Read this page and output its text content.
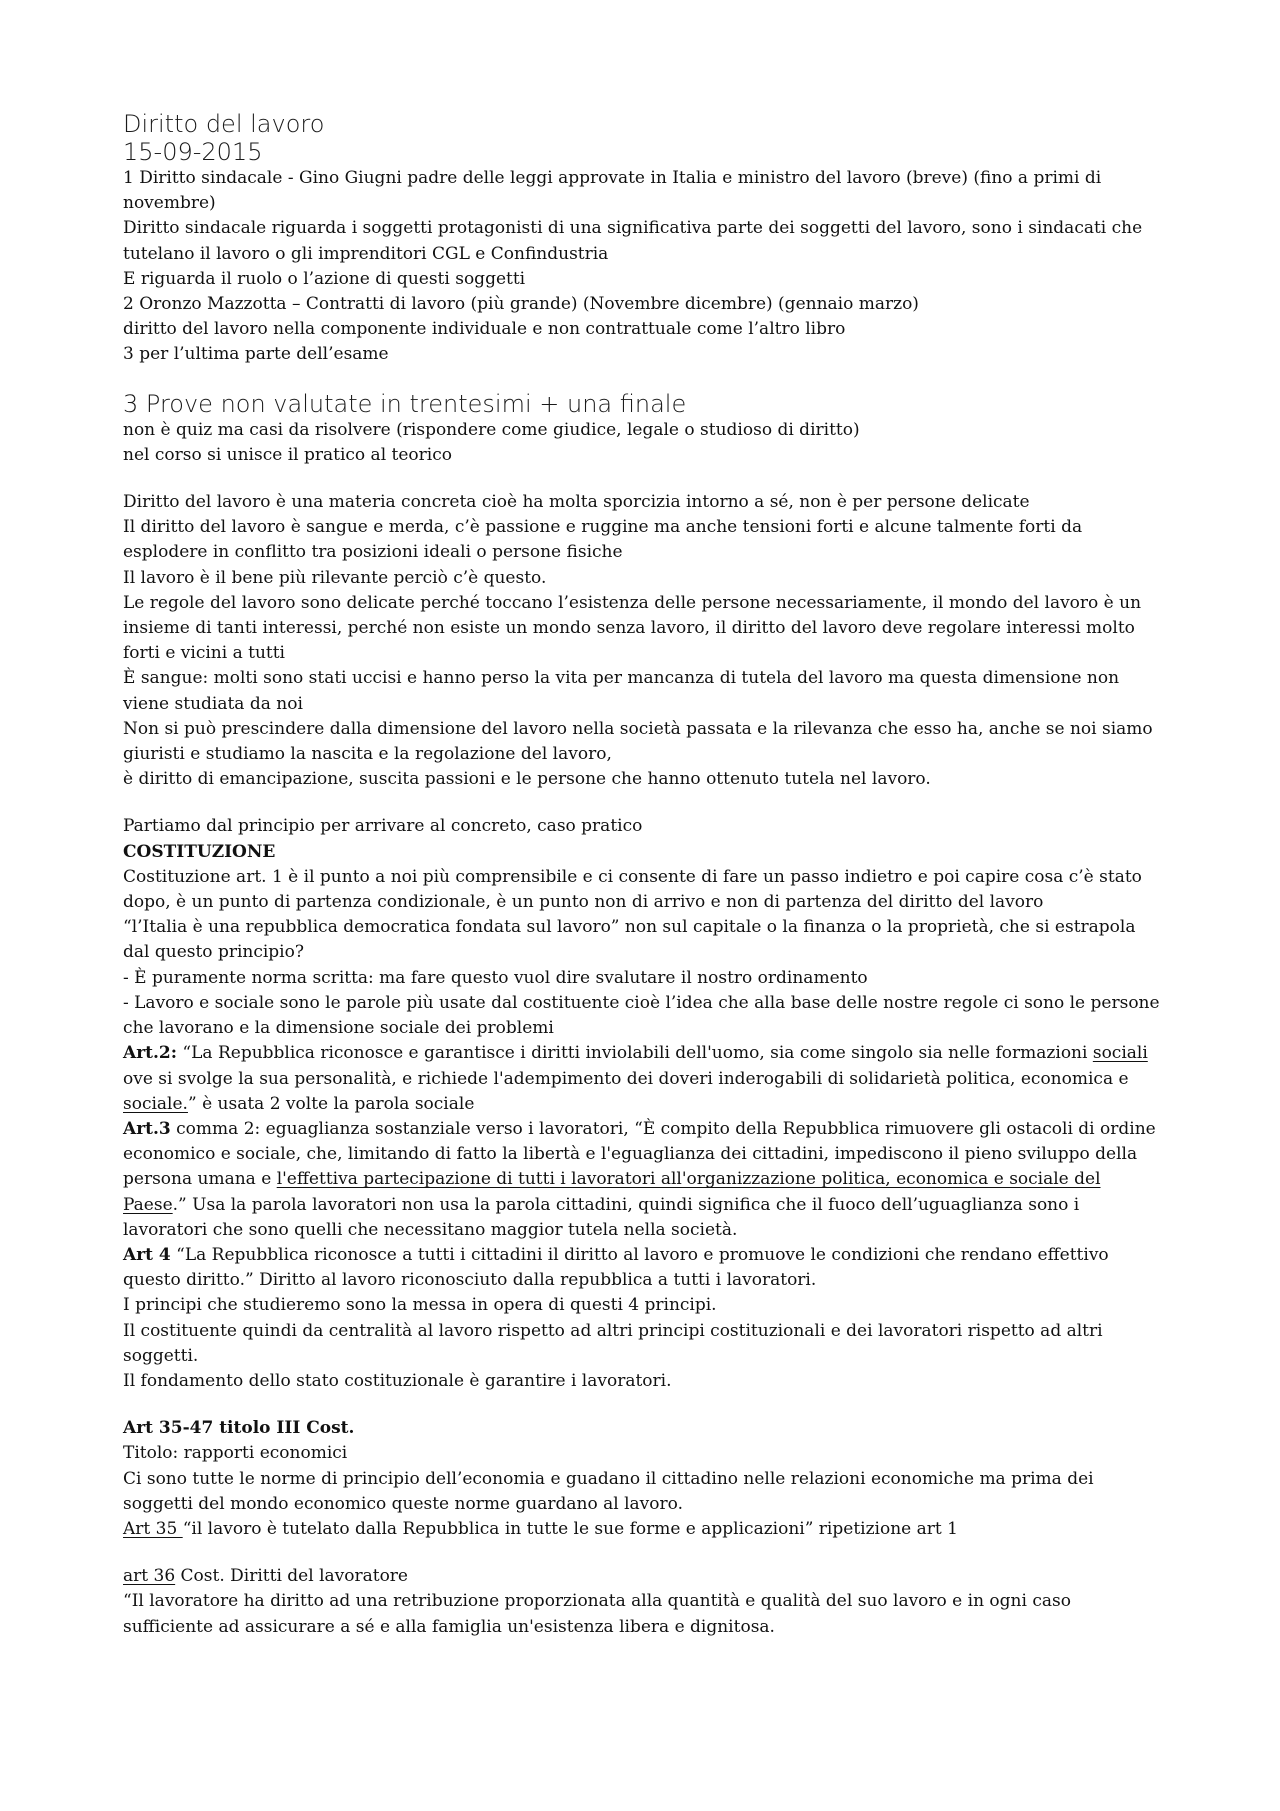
Diritto del lavoro

15-09-2015

1 Diritto sindacale - Gino Giugni padre delle leggi approvate in Italia e ministro del lavoro (breve) (fino a primi di novembre)

Diritto sindacale riguarda i soggetti protagonisti di una significativa parte dei soggetti del lavoro, sono i sindacati che tutelano il lavoro o gli imprenditori CGL e Confindustria

E riguarda il ruolo o l’azione di questi soggetti

2 Oronzo Mazzotta – Contratti di lavoro (più grande) (Novembre dicembre) (gennaio marzo)

diritto del lavoro nella componente individuale e non contrattuale come l’altro libro

3 per l’ultima parte dell’esame

3 Prove non valutate in trentesimi + una finale

non è quiz ma casi da risolvere (rispondere come giudice, legale o studioso di diritto)

nel corso si unisce il pratico al teorico

Diritto del lavoro è una materia concreta cioè ha molta sporcizia intorno a sé, non è per persone delicate

Il diritto del lavoro è sangue e merda, c’è passione e ruggine ma anche tensioni forti e alcune talmente forti da esplodere in conflitto tra posizioni ideali o persone fisiche

Il lavoro è il bene più rilevante perciò c’è questo.

Le regole del lavoro sono delicate perché toccano l’esistenza delle persone necessariamente, il mondo del lavoro è un insieme di tanti interessi, perché non esiste un mondo senza lavoro, il diritto del lavoro deve regolare interessi molto forti e vicini a tutti

È sangue: molti sono stati uccisi e hanno perso la vita per mancanza di tutela del lavoro ma questa dimensione non viene studiata da noi

Non si può prescindere dalla dimensione del lavoro nella società passata e la rilevanza che esso ha, anche se noi siamo giuristi e studiamo la nascita e la regolazione del lavoro,

è diritto di emancipazione, suscita passioni e le persone che hanno ottenuto tutela nel lavoro.

Partiamo dal principio per arrivare al concreto, caso pratico

COSTITUZIONE

Costituzione art. 1 è il punto a noi più comprensibile e ci consente di fare un passo indietro e poi capire cosa c’è stato dopo, è un punto di partenza condizionale, è un punto non di arrivo e non di partenza del diritto del lavoro

“l’Italia è una repubblica democratica fondata sul lavoro” non sul capitale o la finanza o la proprietà, che si estrapola dal questo principio?

- È puramente norma scritta: ma fare questo vuol dire svalutare il nostro ordinamento

- Lavoro e sociale sono le parole più usate dal costituente cioè l’idea che alla base delle nostre regole ci sono le persone che lavorano e la dimensione sociale dei problemi

Art.2: “La Repubblica riconosce e garantisce i diritti inviolabili dell'uomo, sia come singolo sia nelle formazioni sociali ove si svolge la sua personalità, e richiede l'adempimento dei doveri inderogabili di solidarietà politica, economica e sociale.” è usata 2 volte la parola sociale

Art.3 comma 2: eguaglianza sostanziale verso i lavoratori, “È compito della Repubblica rimuovere gli ostacoli di ordine economico e sociale, che, limitando di fatto la libertà e l'eguaglianza dei cittadini, impediscono il pieno sviluppo della persona umana e l'effettiva partecipazione di tutti i lavoratori all'organizzazione politica, economica e sociale del Paese.” Usa la parola lavoratori non usa la parola cittadini, quindi significa che il fuoco dell’uguaglianza sono i lavoratori che sono quelli che necessitano maggior tutela nella società.

Art 4 “La Repubblica riconosce a tutti i cittadini il diritto al lavoro e promuove le condizioni che rendano effettivo questo diritto.” Diritto al lavoro riconosciuto dalla repubblica a tutti i lavoratori.

I principi che studieremo sono la messa in opera di questi 4 principi.

Il costituente quindi da centralità al lavoro rispetto ad altri principi costituzionali e dei lavoratori rispetto ad altri soggetti.

Il fondamento dello stato costituzionale è garantire i lavoratori.

Art 35-47 titolo III Cost.

Titolo: rapporti economici

Ci sono tutte le norme di principio dell’economia e guadano il cittadino nelle relazioni economiche ma prima dei soggetti del mondo economico queste norme guardano al lavoro.

Art 35 “il lavoro è tutelato dalla Repubblica in tutte le sue forme e applicazioni” ripetizione art 1

art 36 Cost. Diritti del lavoratore

“Il lavoratore ha diritto ad una retribuzione proporzionata alla quantità e qualità del suo lavoro e in ogni caso sufficiente ad assicurare a sé e alla famiglia un'esistenza libera e dignitosa.
